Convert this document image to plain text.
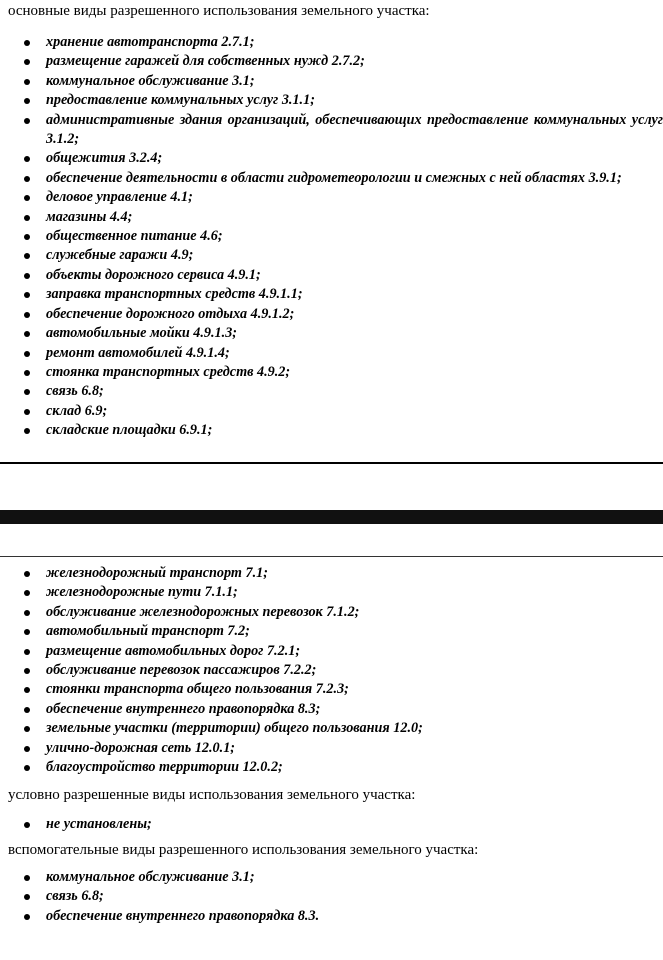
основные виды разрешенного использования земельного участка:

хранение автотранспорта 2.7.1;
размещение гаражей для собственных нужд 2.7.2;
коммунальное обслуживание 3.1;
предоставление коммунальных услуг 3.1.1;
административные здания организаций, обеспечивающих предоставление коммунальных услуг 3.1.2;
общежития 3.2.4;
обеспечение деятельности в области гидрометеорологии и смежных с ней областях 3.9.1;
деловое управление 4.1;
магазины 4.4;
общественное питание 4.6;
служебные гаражи 4.9;
объекты дорожного сервиса 4.9.1;
заправка транспортных средств 4.9.1.1;
обеспечение дорожного отдыха 4.9.1.2;
автомобильные мойки 4.9.1.3;
ремонт автомобилей 4.9.1.4;
стоянка транспортных средств 4.9.2;
связь 6.8;
склад 6.9;
складские площадки 6.9.1;
железнодорожный транспорт 7.1;
железнодорожные пути 7.1.1;
обслуживание железнодорожных перевозок 7.1.2;
автомобильный транспорт 7.2;
размещение автомобильных дорог 7.2.1;
обслуживание перевозок пассажиров 7.2.2;
стоянки транспорта общего пользования 7.2.3;
обеспечение внутреннего правопорядка 8.3;
земельные участки (территории) общего пользования 12.0;
улично-дорожная сеть 12.0.1;
благоустройство территории 12.0.2;

условно разрешенные виды использования земельного участка:

не установлены;

вспомогательные виды разрешенного использования земельного участка:

коммунальное обслуживание 3.1;
связь 6.8;
обеспечение внутреннего правопорядка 8.3.
